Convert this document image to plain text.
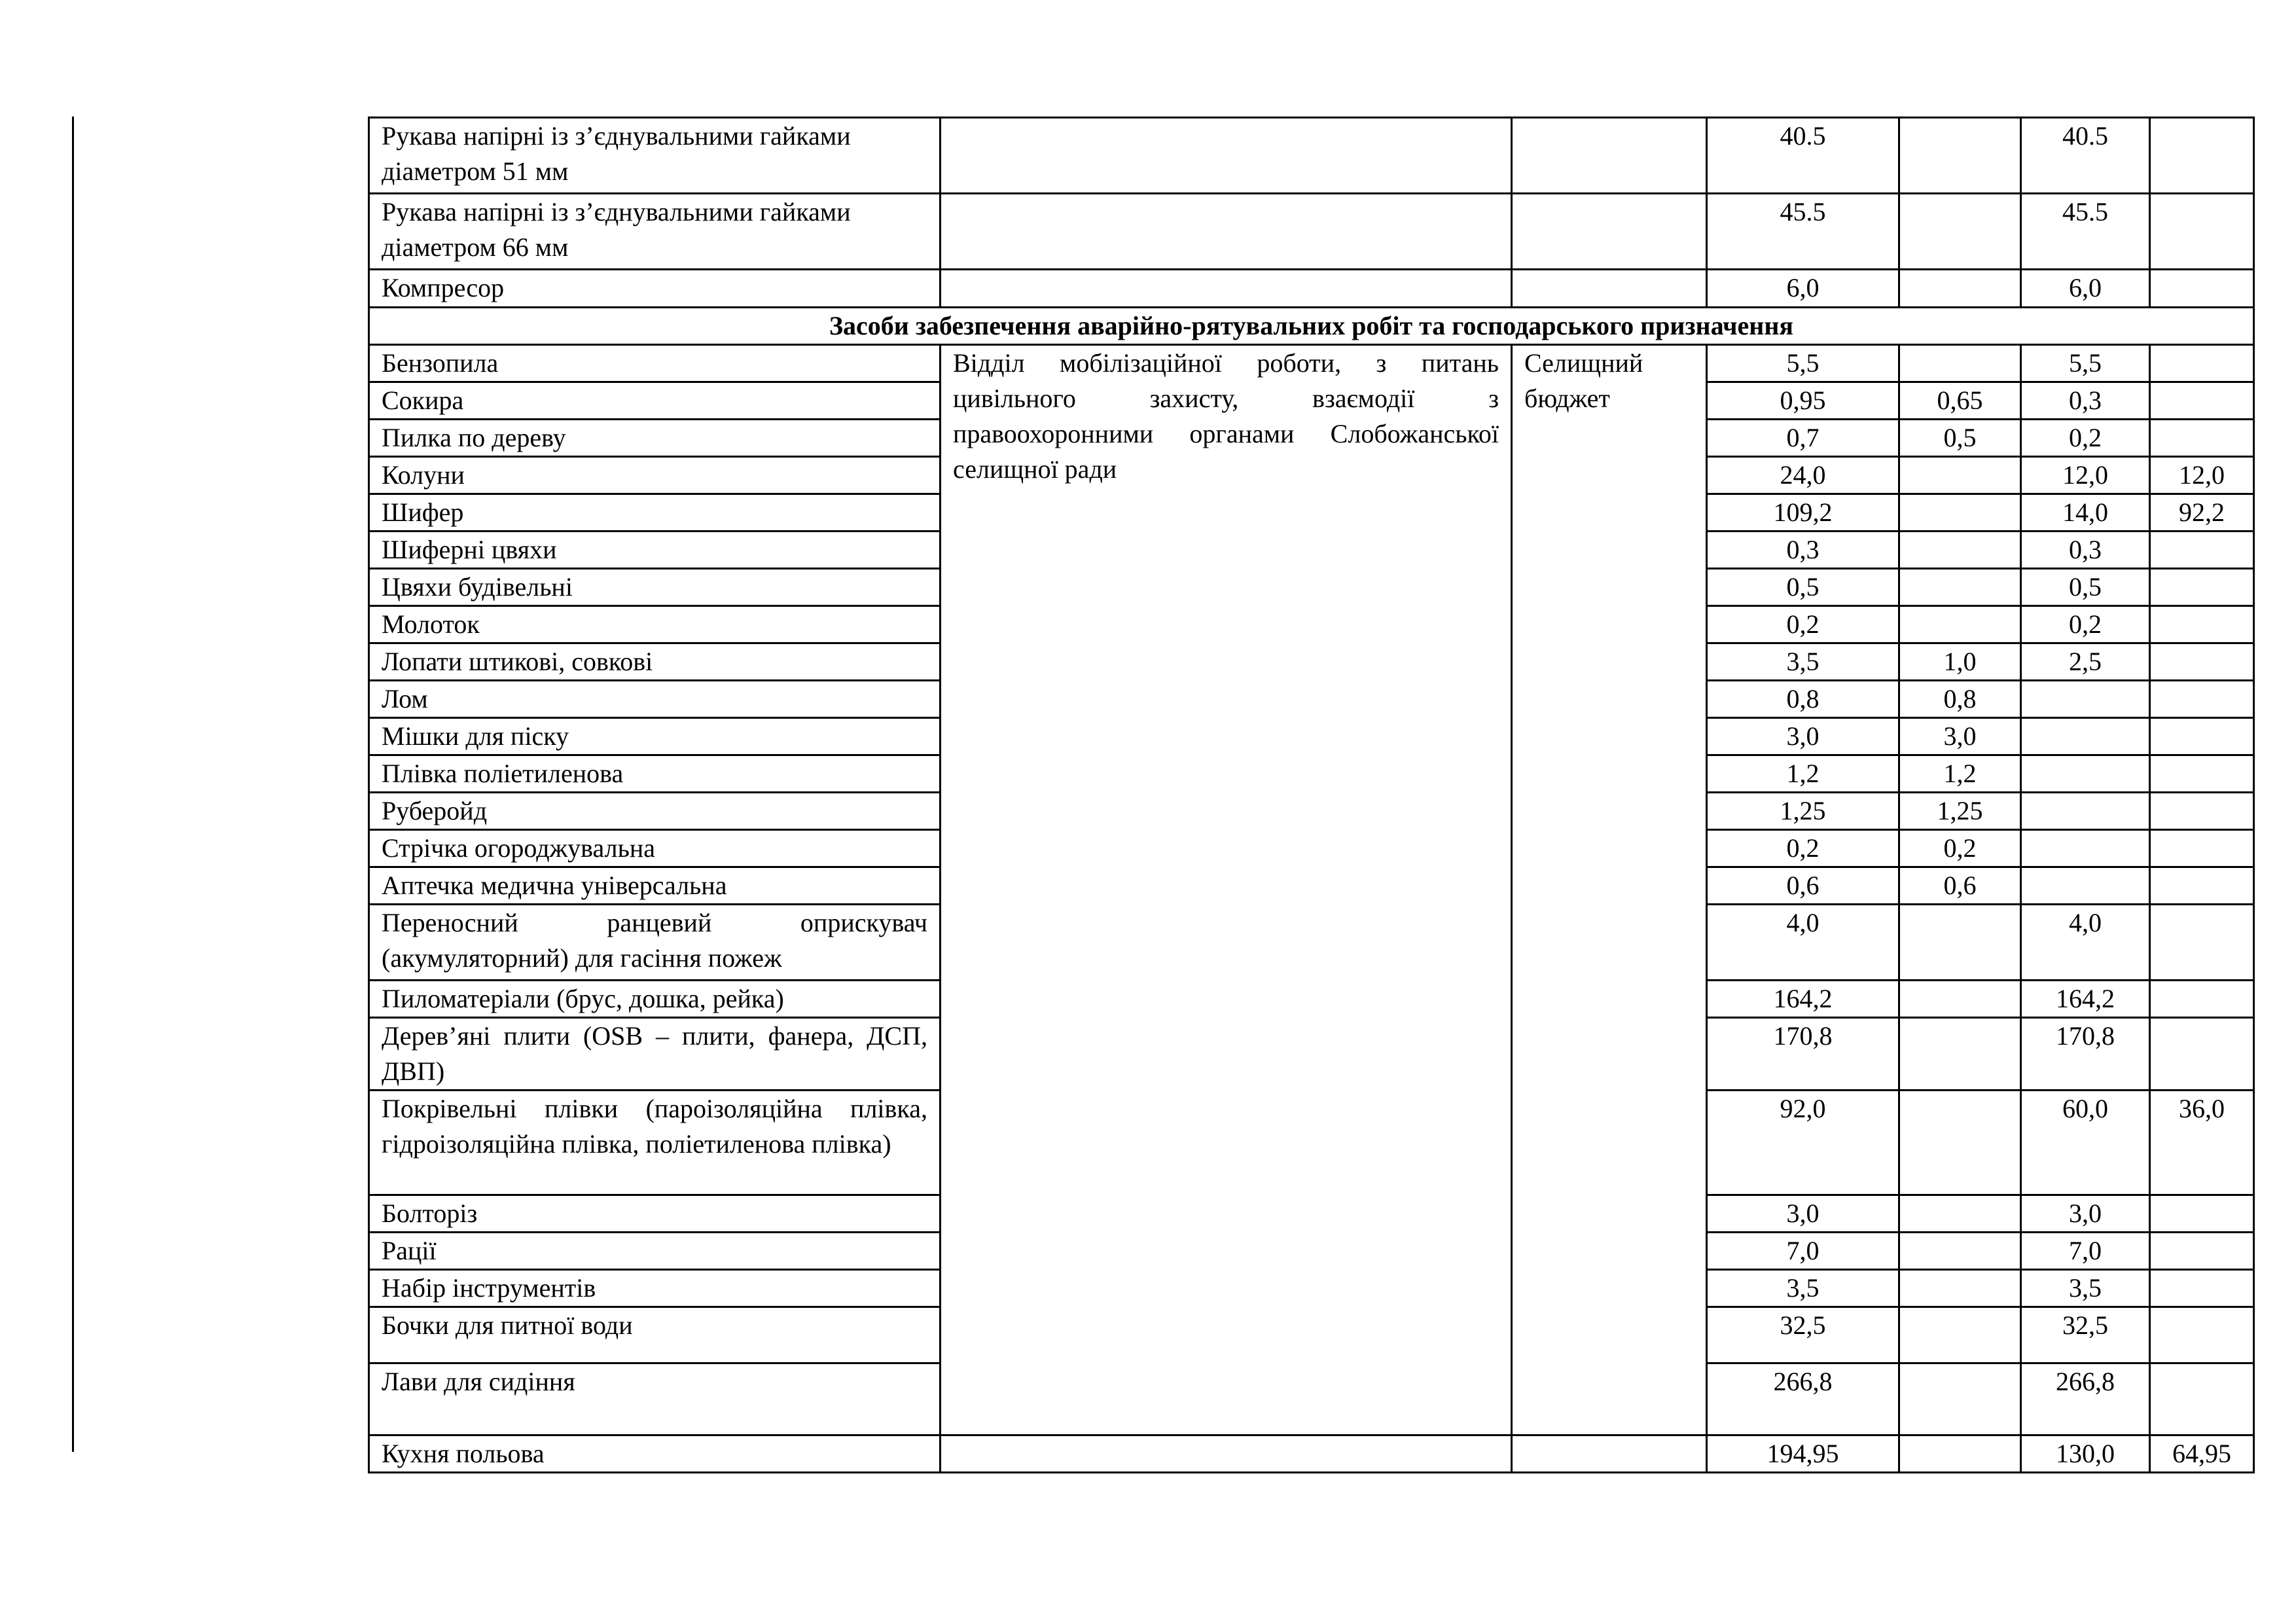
Рукава напірні із з’єднувальними гайками діаметром 51 мм			40.5		40.5	
Рукава напірні із з’єднувальними гайками діаметром 66 мм			45.5		45.5	
Компресор			6,0		6,0	
Засоби забезпечення аварійно-рятувальних робіт та господарського призначення						
Бензопила	Відділ мобілізаційної роботи, з питань цивільного захисту, взаємодії з правоохоронними органами Слобожанської селищної ради	Селищний бюджет	5,5		5,5	
Сокира			0,95	0,65	0,3	
Пилка по дереву			0,7	0,5	0,2	
Колуни			24,0		12,0	12,0
Шифер			109,2		14,0	92,2
Шиферні цвяхи			0,3		0,3	
Цвяхи будівельні			0,5		0,5	
Молоток			0,2		0,2	
Лопати штикові, совкові			3,5	1,0	2,5	
Лом			0,8	0,8		
Мішки для піску			3,0	3,0		
Плівка поліетиленова			1,2	1,2		
Руберойд			1,25	1,25		
Стрічка огороджувальна			0,2	0,2		
Аптечка медична універсальна			0,6	0,6		
Переносний ранцевий оприскувач (акумуляторний) для гасіння пожеж			4,0		4,0	
Пиломатеріали (брус, дошка, рейка)			164,2		164,2	
Дерев’яні плити (OSB – плити, фанера, ДСП, ДВП)			170,8		170,8	
Покрівельні плівки (пароізоляційна плівка, гідроізоляційна плівка, поліетиленова плівка)			92,0		60,0	36,0
Болторіз			3,0		3,0	
Рації			7,0		7,0	
Набір інструментів			3,5		3,5	
Бочки для питної води			32,5		32,5	
Лави для сидіння			266,8		266,8	
Кухня польова			194,95		130,0	64,95
